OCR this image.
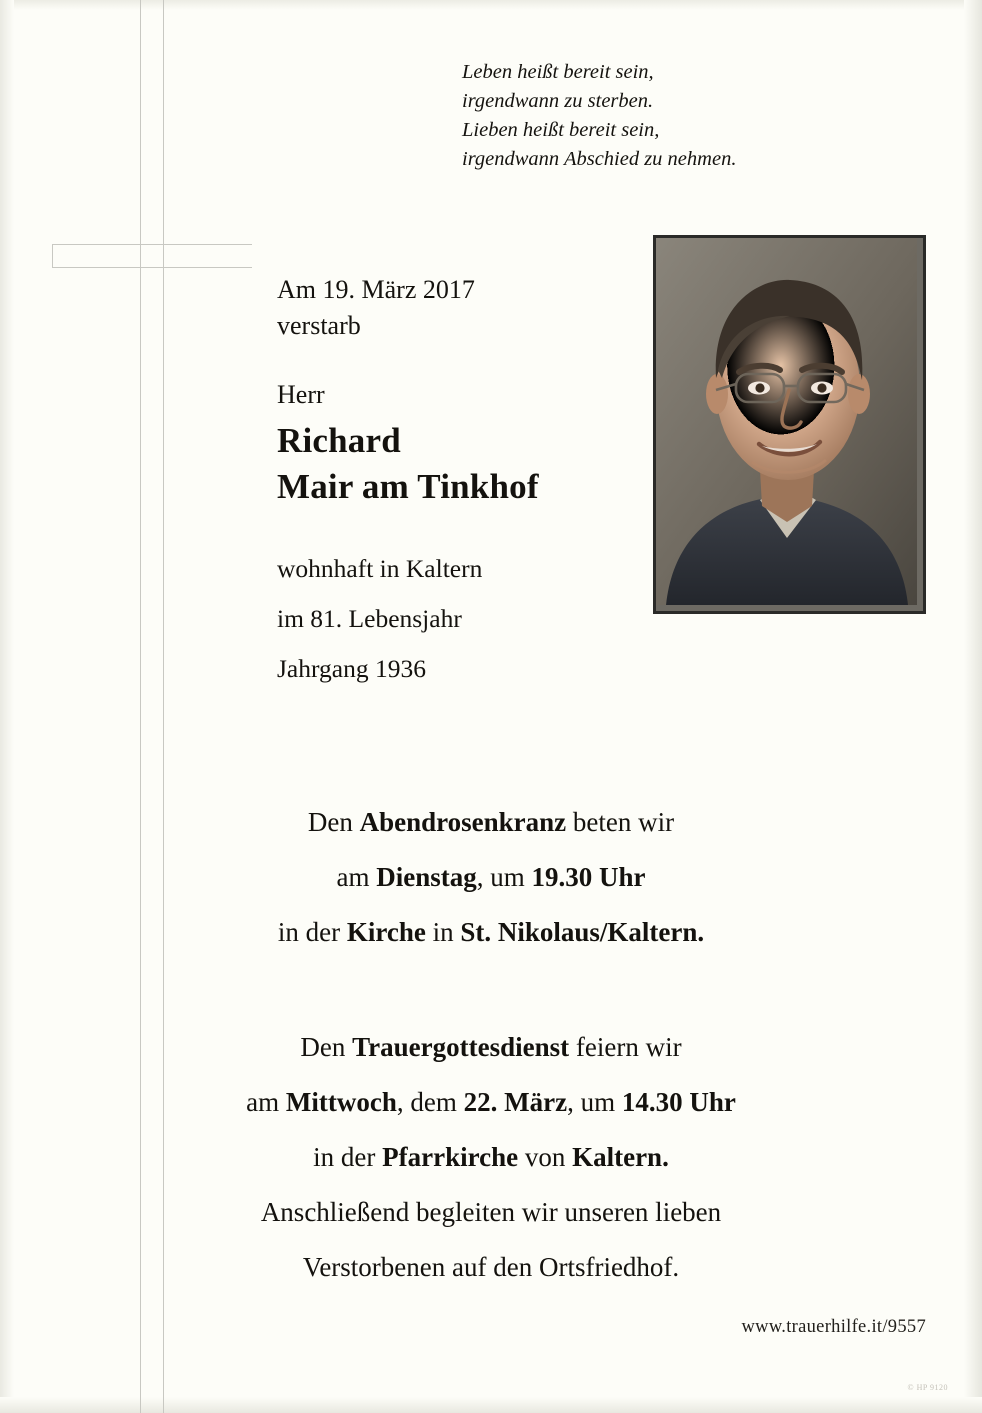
Leben heißt bereit sein,
irgendwann zu sterben.
Lieben heißt bereit sein,
irgendwann Abschied zu nehmen.
Am 19. März 2017
verstarb
Herr
Richard
Mair am Tinkhof
wohnhaft in Kaltern
im 81. Lebensjahr
Jahrgang 1936
Den Abendrosenkranz beten wir
am Dienstag, um 19.30 Uhr
in der Kirche in St. Nikolaus/Kaltern.
Den Trauergottesdienst feiern wir
am Mittwoch, dem 22. März, um 14.30 Uhr
in der Pfarrkirche von Kaltern.
Anschließend begleiten wir unseren lieben
Verstorbenen auf den Ortsfriedhof.
www.trauerhilfe.it/9557
© HP 9120
